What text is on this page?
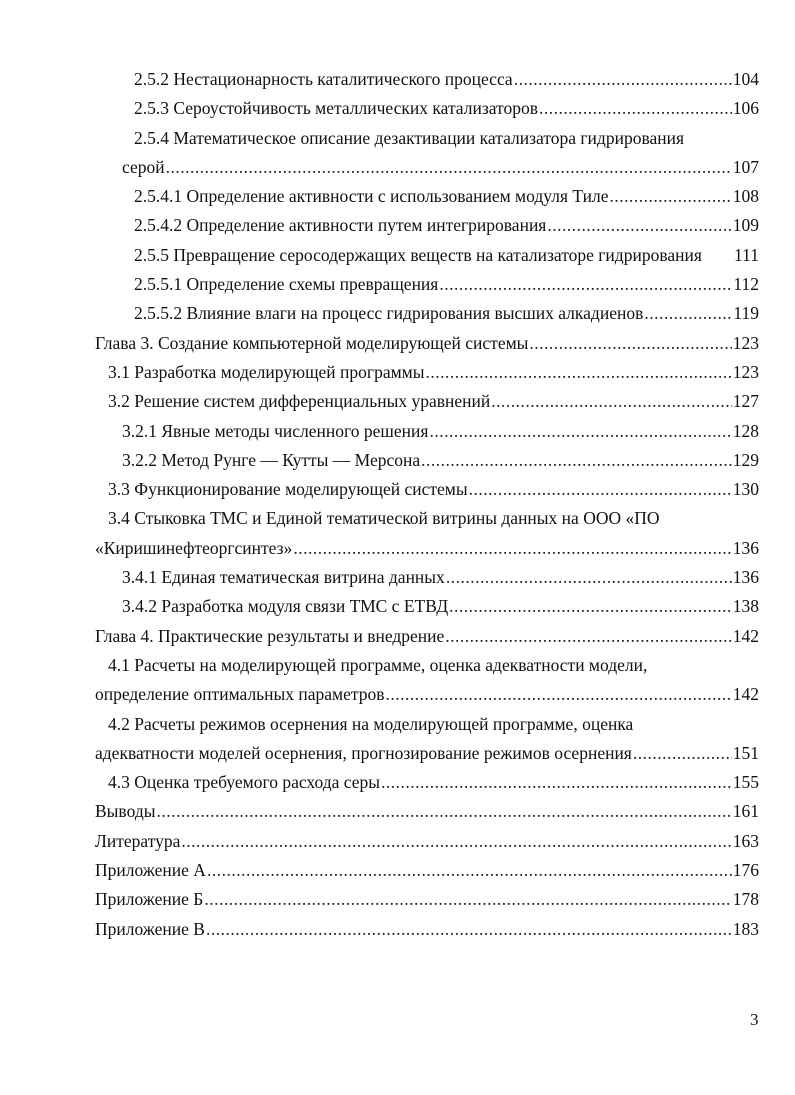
2.5.2 Нестационарность каталитического процесса .....	104
2.5.3 Сероустойчивость металлических катализаторов .....	106
2.5.4 Математическое описание дезактивации катализатора гидрирования
серой .....	107
2.5.4.1 Определение активности с использованием модуля Тиле .....	108
2.5.4.2 Определение активности путем интегрирования .....	109
2.5.5 Превращение серосодержащих веществ на катализаторе гидрирования 111
2.5.5.1 Определение схемы превращения .....	112
2.5.5.2 Влияние влаги на процесс гидрирования высших алкадиенов .....	119
Глава 3. Создание компьютерной моделирующей системы .....	123
3.1 Разработка моделирующей программы .....	123
3.2 Решение систем дифференциальных уравнений .....	127
3.2.1 Явные методы численного решения .....	128
3.2.2 Метод Рунге — Кутты — Мерсона .....	129
3.3 Функционирование моделирующей системы .....	130
3.4 Стыковка ТМС и Единой тематической витрины данных на ООО «ПО
«Киришинефтеоргсинтез» .....	136
3.4.1 Единая тематическая витрина данных .....	136
3.4.2 Разработка модуля связи ТМС с ЕТВД .....	138
Глава 4. Практические результаты и внедрение .....	142
4.1 Расчеты на моделирующей программе, оценка адекватности модели,
определение оптимальных параметров .....	142
4.2 Расчеты режимов осернения на моделирующей программе, оценка
адекватности моделей осернения, прогнозирование режимов осернения .....	151
4.3 Оценка требуемого расхода серы .....	155
Выводы .....	161
Литература .....	163
Приложение А .....	176
Приложение Б .....	178
Приложение В .....	183
3
